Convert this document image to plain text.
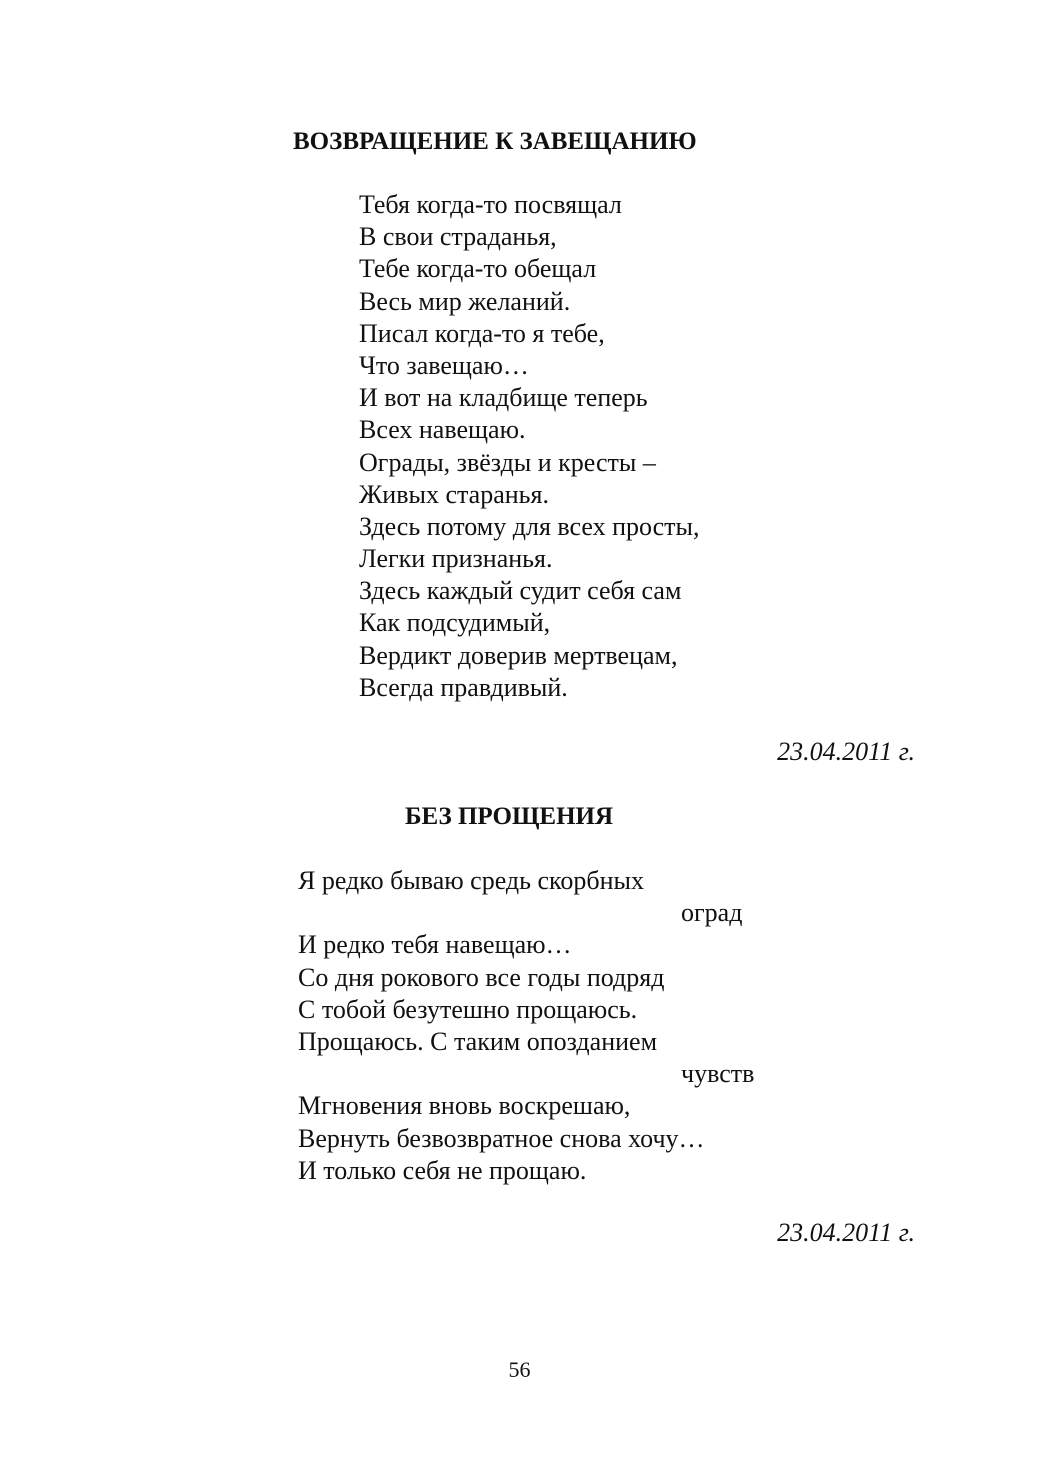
ВОЗВРАЩЕНИЕ К ЗАВЕЩАНИЮ
Тебя когда-то посвящал
В свои страданья,
Тебе когда-то обещал
Весь мир желаний.
Писал когда-то я тебе,
Что завещаю…
И вот на кладбище теперь
Всех навещаю.
Ограды, звёзды и кресты –
Живых старанья.
Здесь потому для всех просты,
Легки признанья.
Здесь каждый судит себя сам
Как подсудимый,
Вердикт доверив мертвецам,
Всегда правдивый.
23.04.2011 г.
БЕЗ ПРОЩЕНИЯ
Я редко бываю средь скорбных
оград
И редко тебя навещаю…
Со дня рокового все годы подряд
С тобой безутешно прощаюсь.
Прощаюсь. С таким опозданием
чувств
Мгновения вновь воскрешаю,
Вернуть безвозвратное снова хочу…
И только себя не прощаю.
23.04.2011 г.
56
